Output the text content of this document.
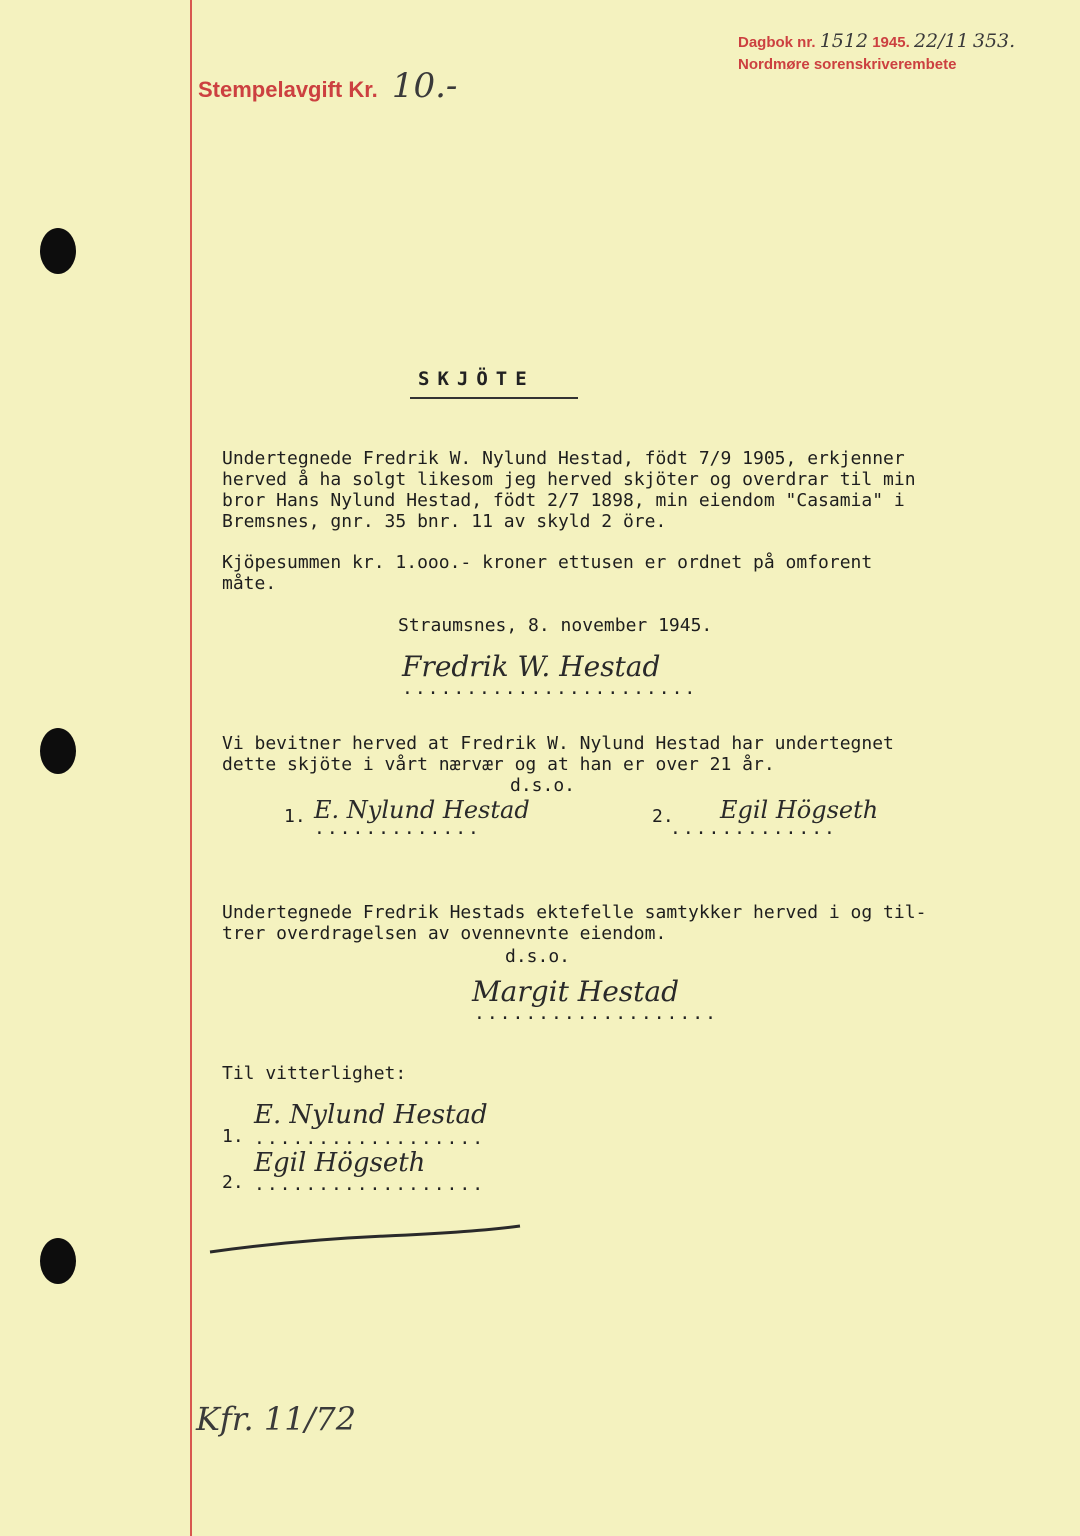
Stempelavgift Kr. 10.-
Dagbok nr. 1512 1945. 22/11 353.
Nordmøre sorenskriverembete
SKJÖTE
Undertegnede Fredrik W. Nylund Hestad, födt 7/9 1905, erkjenner
herved å ha solgt likesom jeg herved skjöter og overdrar til min
bror Hans Nylund Hestad, födt 2/7 1898, min eiendom "Casamia" i
Bremsnes, gnr. 35 bnr. 11 av skyld 2 öre.
Kjöpesummen kr. 1.ooo.- kroner ettusen er ordnet på omforent
måte.
Straumsnes, 8. november 1945.
Fredrik W. Hestad
.......................
Vi bevitner herved at Fredrik W. Nylund Hestad har undertegnet
dette skjöte i vårt nærvær og at han er over 21 år.
d.s.o.
1. E. Nylund Hestad
.............
2. Egil Högseth
.............
Undertegnede Fredrik Hestads ektefelle samtykker herved i og til-
trer overdragelsen av ovennevnte eiendom.
d.s.o.
Margit Hestad
...................
Til vitterlighet:
1.
E. Nylund Hestad
..................
2.
Egil Högseth
..................
Kfr. 11/72
